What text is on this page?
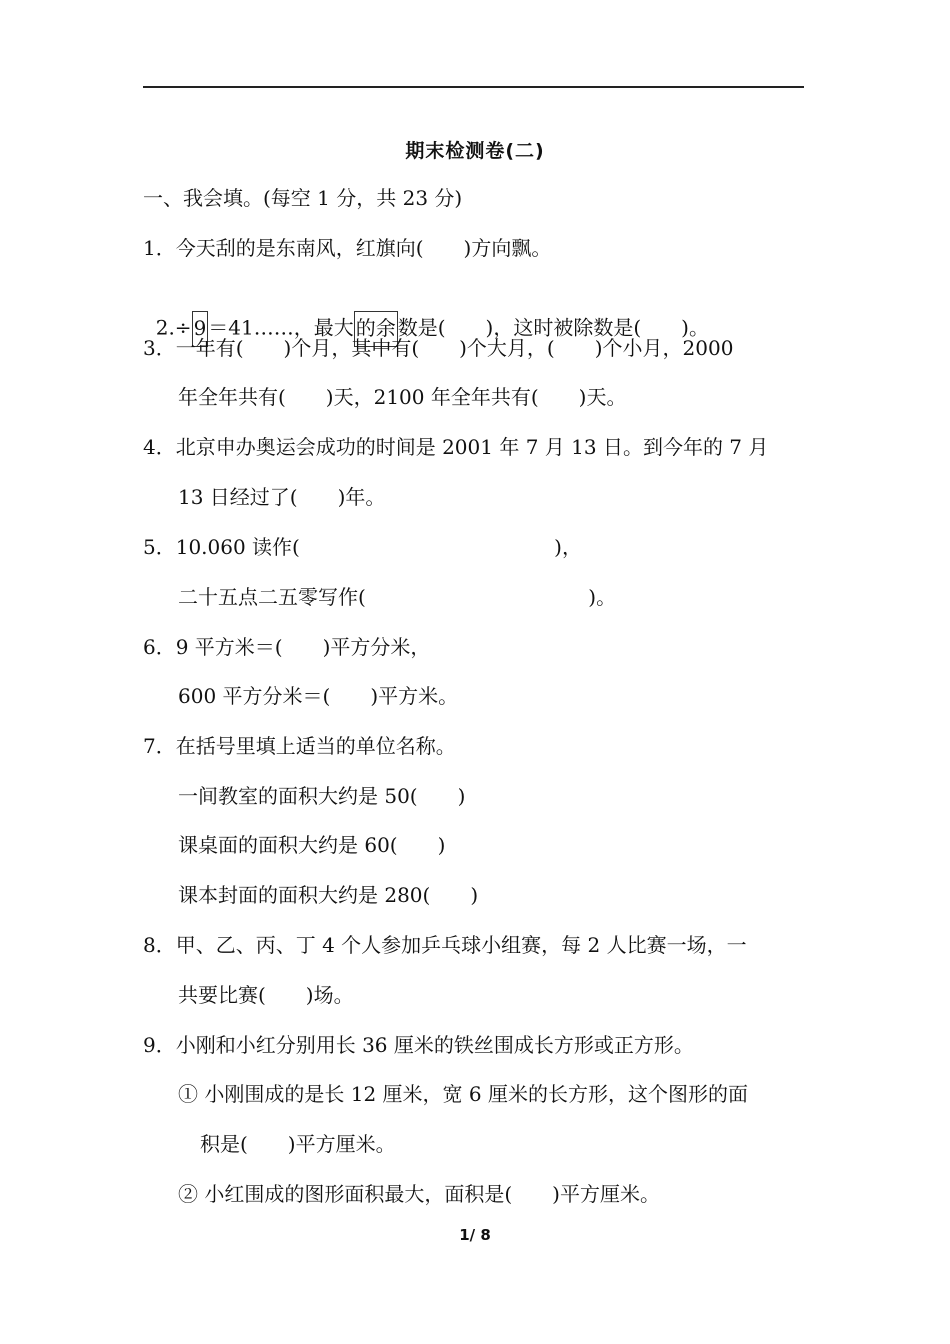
期末检测卷(二)
一、我会填。(每空 1 分，共 23 分)
1．今天刮的是东南风，红旗向(　　)方向飘。

2.÷ 9 ＝41……，最大 的余 数是(　　)，这时被除数是(　　)。

3．一年有(　　)个月，其中有(　　)个大月，(　　)个小月，2000
年全年共有(　　)天，2100 年全年共有(　　)天。
4．北京申办奥运会成功的时间是 2001 年 7 月 13 日。到今年的 7 月
13 日经过了(　　)年。
5．10.060 读作(                                        )，
二十五点二五零写作(                                   )。
6．9 平方米＝(　　)平方分米，
600 平方分米＝(　　)平方米。
7．在括号里填上适当的单位名称。
一间教室的面积大约是 50(　　)
课桌面的面积大约是 60(　　)
课本封面的面积大约是 280(　　)
8．甲、乙、丙、丁 4 个人参加乒乓球小组赛，每 2 人比赛一场，一
共要比赛(　　)场。
9．小刚和小红分别用长 36 厘米的铁丝围成长方形或正方形。
① 小刚围成的是长 12 厘米，宽 6 厘米的长方形，这个图形的面
积是(　　)平方厘米。
② 小红围成的图形面积最大，面积是(　　)平方厘米。
1/ 8
